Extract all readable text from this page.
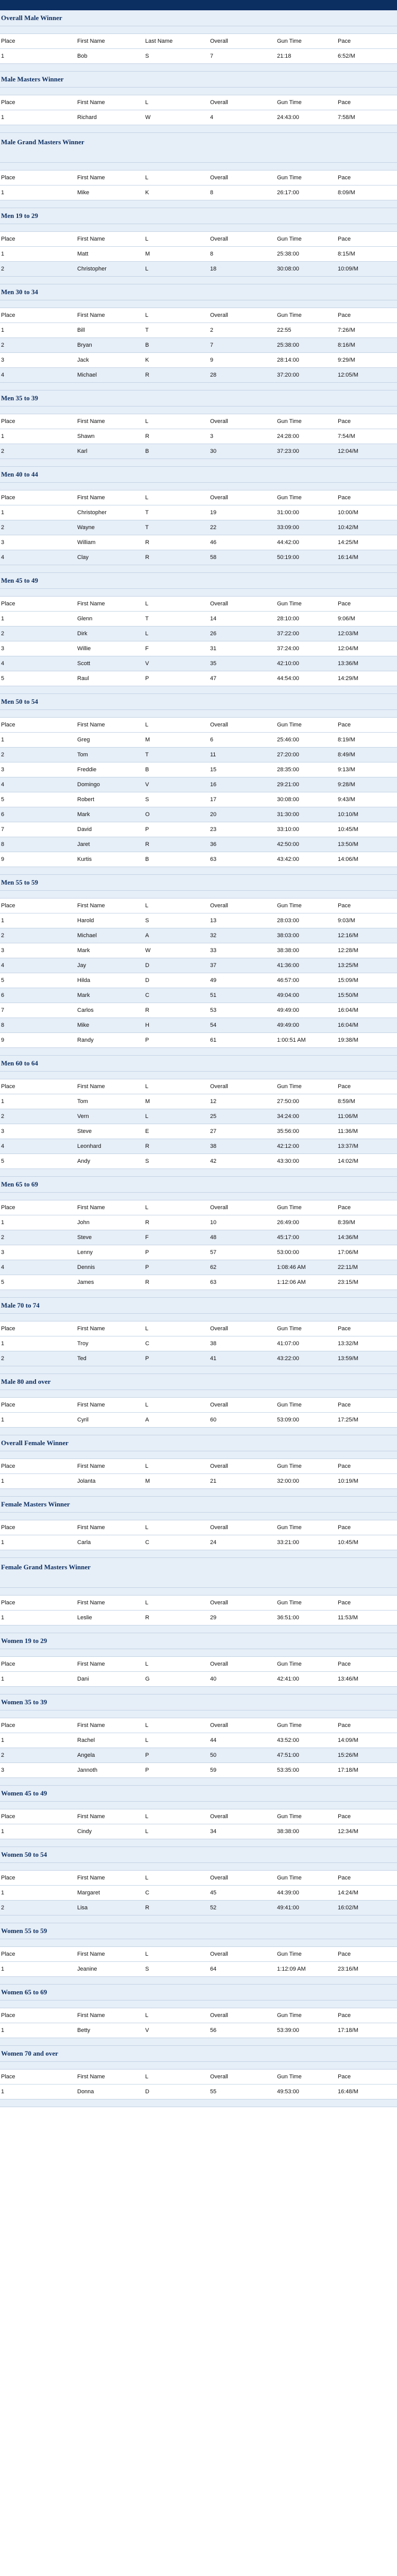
Overall Male Winner
Place	First Name	Last Name	Overall	Gun Time	Pace
1	Bob	S	7	21:18	6:52/M
Male Masters Winner
Place	First Name	L	Overall	Gun Time	Pace
1	Richard	W	4	24:43:00	7:58/M
Male Grand Masters Winner
Place	First Name	L	Overall	Gun Time	Pace
1	Mike	K	8	26:17:00	8:09/M
Men 19 to 29
Place	First Name	L	Overall	Gun Time	Pace
1	Matt	M	8	25:38:00	8:15/M
2	Christopher	L	18	30:08:00	10:09/M
Men 30 to 34
Place	First Name	L	Overall	Gun Time	Pace
1	Bill	T	2	22:55	7:26/M
2	Bryan	B	7	25:38:00	8:16/M
3	Jack	K	9	28:14:00	9:29/M
4	Michael	R	28	37:20:00	12:05/M
Men 35 to 39
Place	First Name	L	Overall	Gun Time	Pace
1	Shawn	R	3	24:28:00	7:54/M
2	Karl	B	30	37:23:00	12:04/M
Men 40 to 44
Place	First Name	L	Overall	Gun Time	Pace
1	Christopher	T	19	31:00:00	10:00/M
2	Wayne	T	22	33:09:00	10:42/M
3	William	R	46	44:42:00	14:25/M
4	Clay	R	58	50:19:00	16:14/M
Men 45 to 49
Place	First Name	L	Overall	Gun Time	Pace
1	Glenn	T	14	28:10:00	9:06/M
2	Dirk	L	26	37:22:00	12:03/M
3	Willie	F	31	37:24:00	12:04/M
4	Scott	V	35	42:10:00	13:36/M
5	Raul	P	47	44:54:00	14:29/M
Men 50 to 54
Place	First Name	L	Overall	Gun Time	Pace
1	Greg	M	6	25:46:00	8:19/M
2	Tom	T	11	27:20:00	8:49/M
3	Freddie	B	15	28:35:00	9:13/M
4	Domingo	V	16	29:21:00	9:28/M
5	Robert	S	17	30:08:00	9:43/M
6	Mark	O	20	31:30:00	10:10/M
7	David	P	23	33:10:00	10:45/M
8	Jaret	R	36	42:50:00	13:50/M
9	Kurtis	B	63	43:42:00	14:06/M
Men 55 to 59
Place	First Name	L	Overall	Gun Time	Pace
1	Harold	S	13	28:03:00	9:03/M
2	Michael	A	32	38:03:00	12:16/M
3	Mark	W	33	38:38:00	12:28/M
4	Jay	D	37	41:36:00	13:25/M
5	Hilda	D	49	46:57:00	15:09/M
6	Mark	C	51	49:04:00	15:50/M
7	Carlos	R	53	49:49:00	16:04/M
8	Mike	H	54	49:49:00	16:04/M
9	Randy	P	61	1:00:51 AM	19:38/M
Men 60 to 64
Place	First Name	L	Overall	Gun Time	Pace
1	Tom	M	12	27:50:00	8:59/M
2	Vern	L	25	34:24:00	11:06/M
3	Steve	E	27	35:56:00	11:36/M
4	Leonhard	R	38	42:12:00	13:37/M
5	Andy	S	42	43:30:00	14:02/M
Men 65 to 69
Place	First Name	L	Overall	Gun Time	Pace
1	John	R	10	26:49:00	8:39/M
2	Steve	F	48	45:17:00	14:36/M
3	Lenny	P	57	53:00:00	17:06/M
4	Dennis	P	62	1:08:46 AM	22:11/M
5	James	R	63	1:12:06 AM	23:15/M
Male 70 to 74
Place	First Name	L	Overall	Gun Time	Pace
1	Troy	C	38	41:07:00	13:32/M
2	Ted	P	41	43:22:00	13:59/M
Male 80 and over
Place	First Name	L	Overall	Gun Time	Pace
1	Cyril	A	60	53:09:00	17:25/M
Overall Female Winner
Place	First Name	L	Overall	Gun Time	Pace
1	Jolanta	M	21	32:00:00	10:19/M
Female Masters Winner
Place	First Name	L	Overall	Gun Time	Pace
1	Carla	C	24	33:21:00	10:45/M
Female Grand Masters Winner
Place	First Name	L	Overall	Gun Time	Pace
1	Leslie	R	29	36:51:00	11:53/M
Women 19 to 29
Place	First Name	L	Overall	Gun Time	Pace
1	Dani	G	40	42:41:00	13:46/M
Women 35 to 39
Place	First Name	L	Overall	Gun Time	Pace
1	Rachel	L	44	43:52:00	14:09/M
2	Angela	P	50	47:51:00	15:26/M
3	Jannoth	P	59	53:35:00	17:18/M
Women 45 to 49
Place	First Name	L	Overall	Gun Time	Pace
1	Cindy	L	34	38:38:00	12:34/M
Women 50 to 54
Place	First Name	L	Overall	Gun Time	Pace
1	Margaret	C	45	44:39:00	14:24/M
2	Lisa	R	52	49:41:00	16:02/M
Women 55 to 59
Place	First Name	L	Overall	Gun Time	Pace
1	Jeanine	S	64	1:12:09 AM	23:16/M
Women 65 to 69
Place	First Name	L	Overall	Gun Time	Pace
1	Betty	V	56	53:39:00	17:18/M
Women 70 and over
Place	First Name	L	Overall	Gun Time	Pace
1	Donna	D	55	49:53:00	16:48/M
